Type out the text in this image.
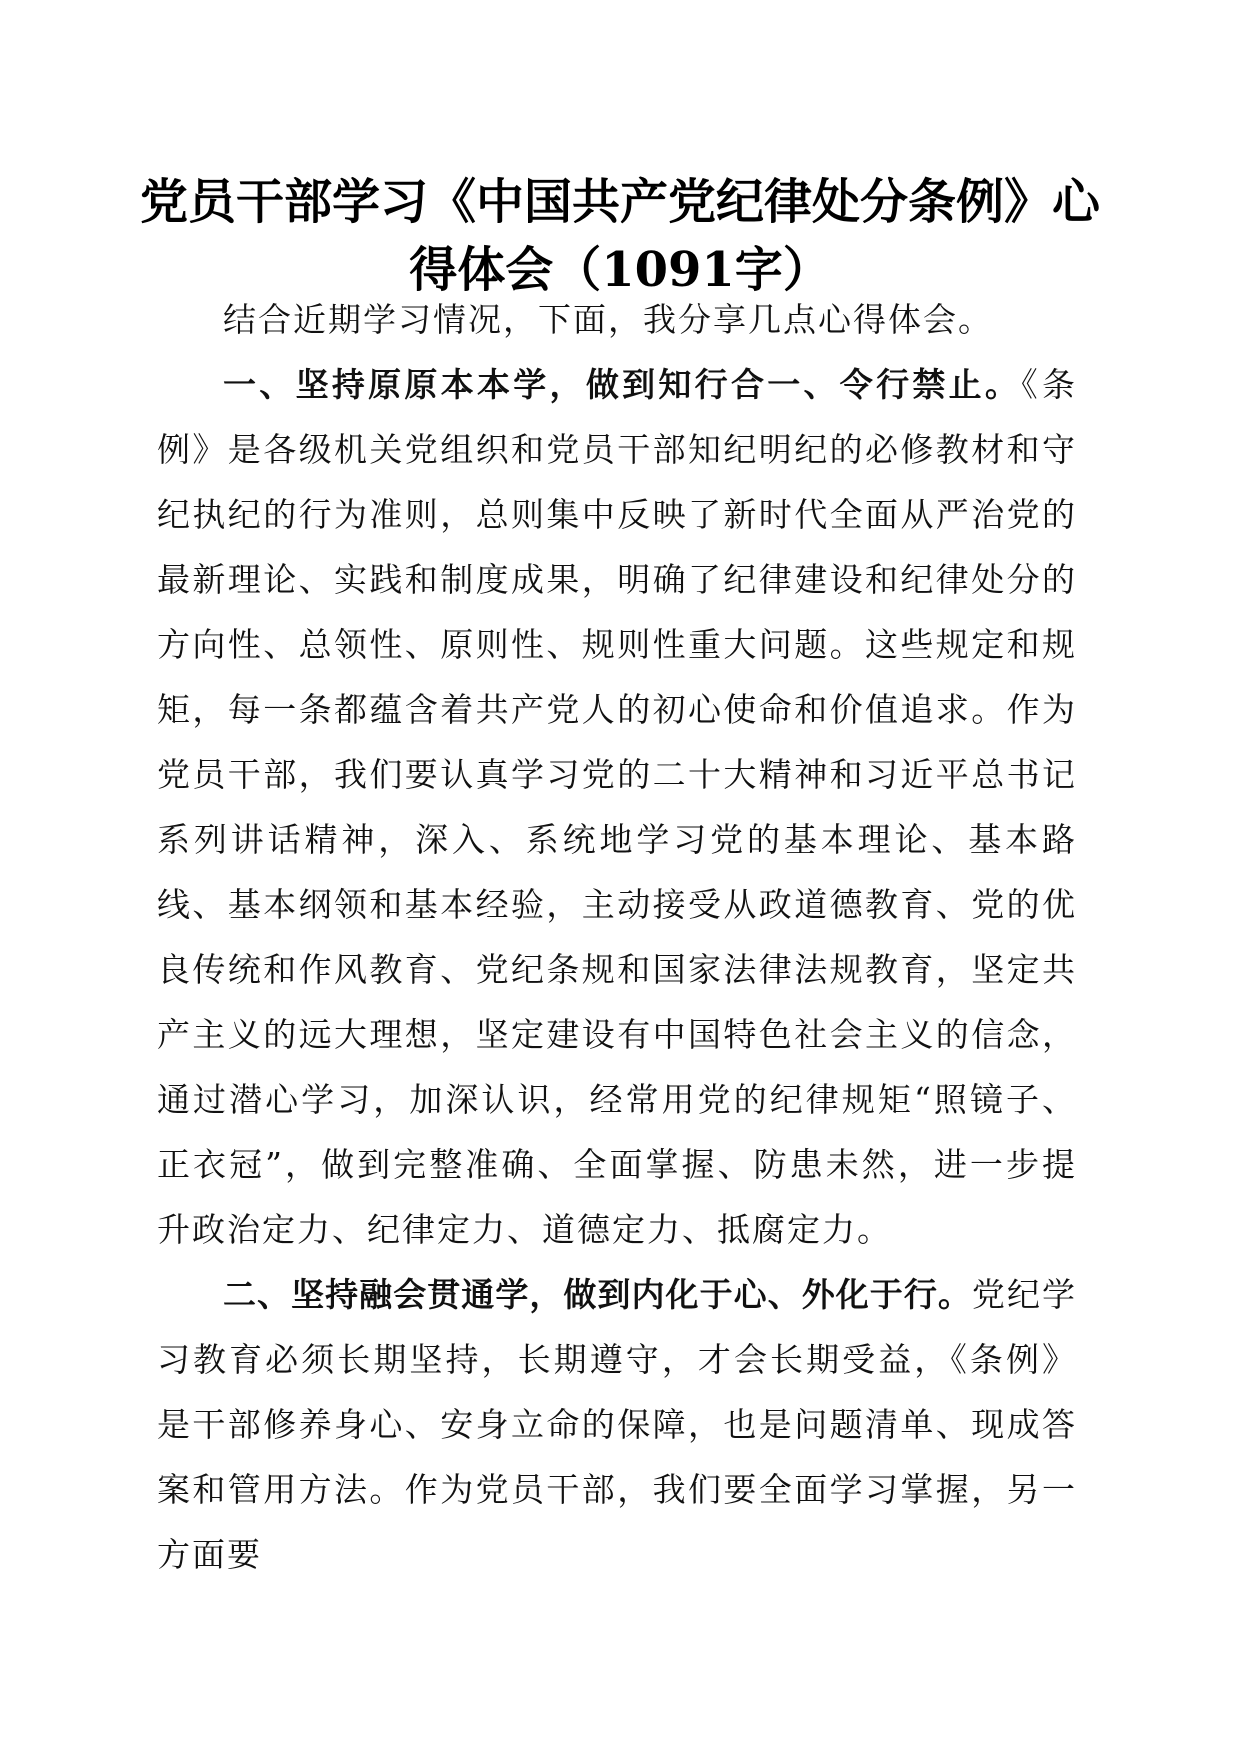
党员干部学习《中国共产党纪律处分条例》心得体会（1091字）

结合近期学习情况，下面，我分享几点心得体会。

一、坚持原原本本学，做到知行合一、令行禁止。《条例》是各级机关党组织和党员干部知纪明纪的必修教材和守纪执纪的行为准则，总则集中反映了新时代全面从严治党的最新理论、实践和制度成果，明确了纪律建设和纪律处分的方向性、总领性、原则性、规则性重大问题。这些规定和规矩，每一条都蕴含着共产党人的初心使命和价值追求。作为党员干部，我们要认真学习党的二十大精神和习近平总书记系列讲话精神，深入、系统地学习党的基本理论、基本路线、基本纲领和基本经验，主动接受从政道德教育、党的优良传统和作风教育、党纪条规和国家法律法规教育，坚定共产主义的远大理想，坚定建设有中国特色社会主义的信念，通过潜心学习，加深认识，经常用党的纪律规矩“照镜子、正衣冠”，做到完整准确、全面掌握、防患未然，进一步提升政治定力、纪律定力、道德定力、抵腐定力。

二、坚持融会贯通学，做到内化于心、外化于行。党纪学习教育必须长期坚持，长期遵守，才会长期受益，《条例》是干部修养身心、安身立命的保障，也是问题清单、现成答案和管用方法。作为党员干部，我们要全面学习掌握，另一方面要
